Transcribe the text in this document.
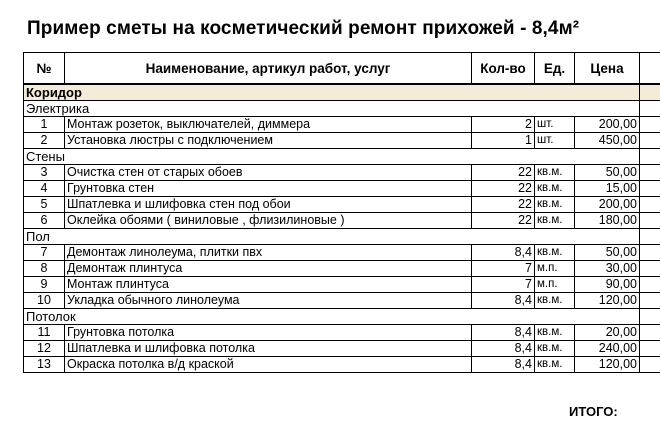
Пример сметы на косметический ремонт прихожей - 8,4м²
№	Наименование, артикул работ, услуг	Кол-во	Ед.	Цена	
Коридор					
Электрика					
1	Монтаж розеток, выключателей, диммера	2	шт.	200,00	
2	Установка люстры с подключением	1	шт.	450,00	
Стены					
3	Очистка стен от старых обоев	22	кв.м.	50,00	
4	Грунтовка стен	22	кв.м.	15,00	
5	Шпатлевка и шлифовка стен под обои	22	кв.м.	200,00	
6	Оклейка обоями ( виниловые , флизилиновые )	22	кв.м.	180,00	
Пол					
7	Демонтаж линолеума, плитки пвх	8,4	кв.м.	50,00	
8	Демонтаж плинтуса	7	м.п.	30,00	
9	Монтаж плинтуса	7	м.п.	90,00	
10	Укладка обычного линолеума	8,4	кв.м.	120,00	
Потолок					
11	Грунтовка потолка	8,4	кв.м.	20,00	
12	Шпатлевка и шлифовка потолка	8,4	кв.м.	240,00	
13	Окраска потолка в/д краской	8,4	кв.м.	120,00	
ИТОГО:
